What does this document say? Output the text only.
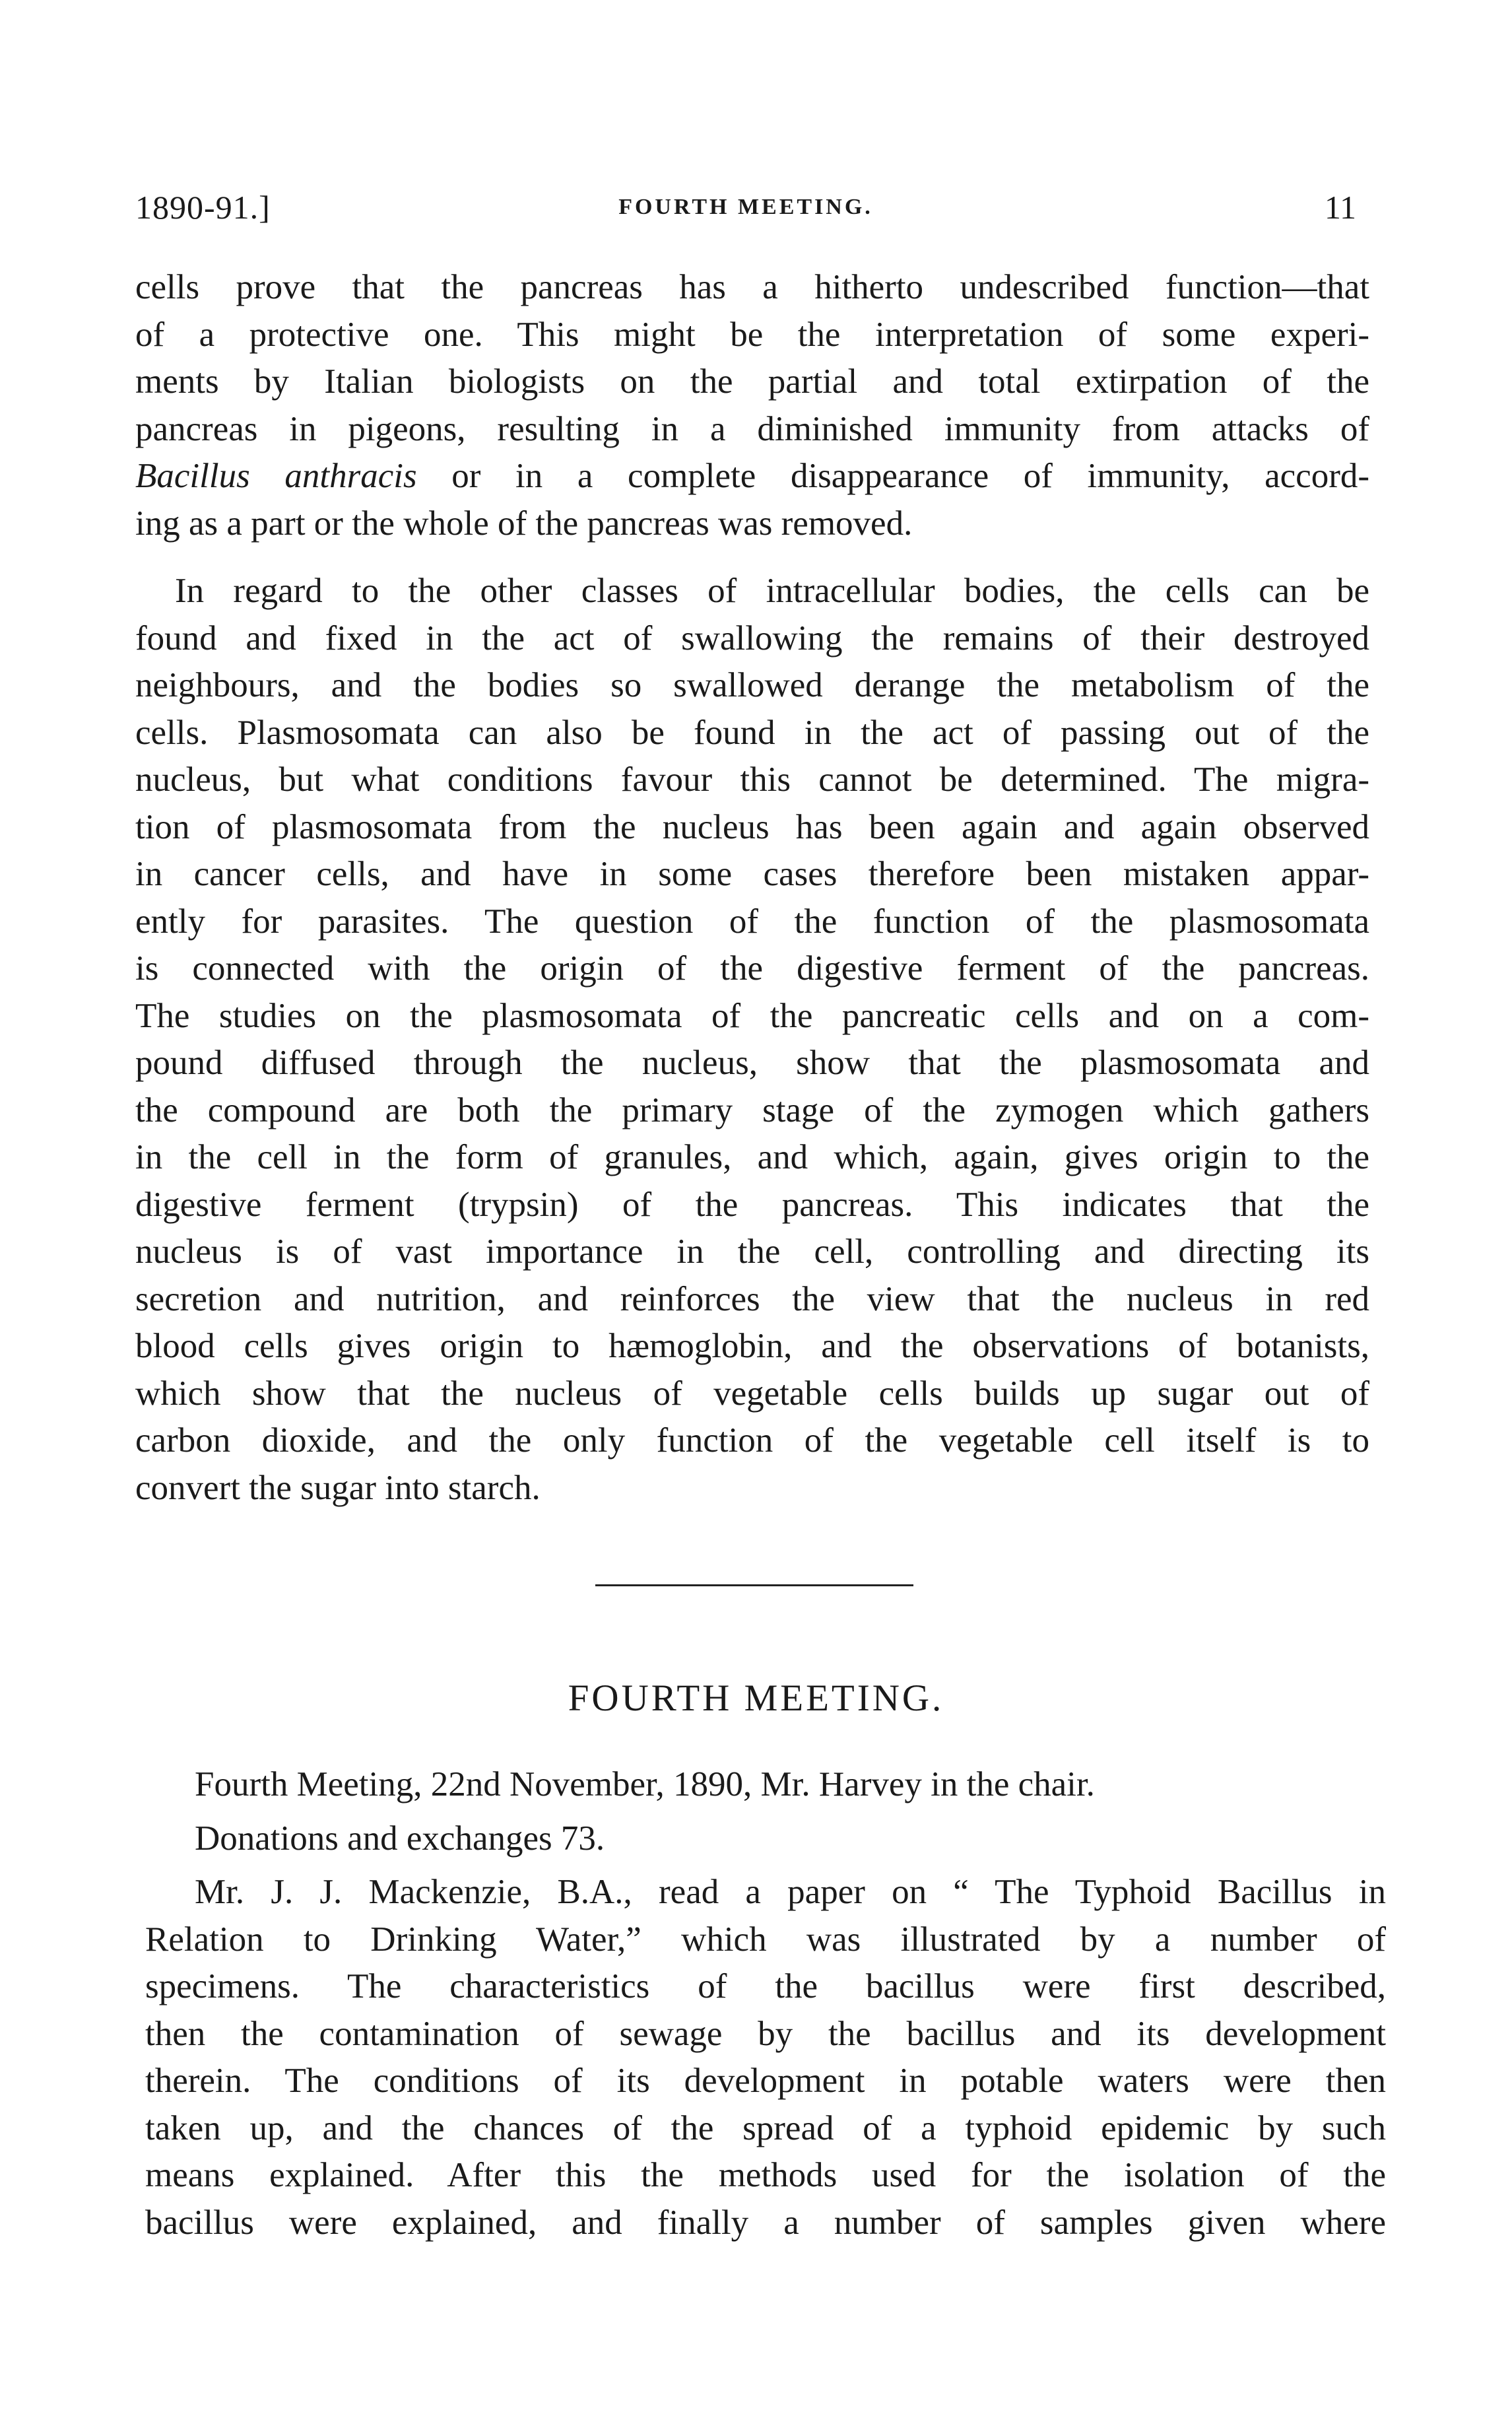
1890-91.]	FOURTH MEETING.	11
cells prove that the pancreas has a hitherto undescribed function—that
of a protective one. This might be the interpretation of some experi-
ments by Italian biologists on the partial and total extirpation of the
pancreas in pigeons, resulting in a diminished immunity from attacks of
Bacillus anthracis or in a complete disappearance of immunity, accord-
ing as a part or the whole of the pancreas was removed.
In regard to the other classes of intracellular bodies, the cells can be
found and fixed in the act of swallowing the remains of their destroyed
neighbours, and the bodies so swallowed derange the metabolism of the
cells. Plasmosomata can also be found in the act of passing out of the
nucleus, but what conditions favour this cannot be determined. The migra-
tion of plasmosomata from the nucleus has been again and again observed
in cancer cells, and have in some cases therefore been mistaken appar-
ently for parasites. The question of the function of the plasmosomata
is connected with the origin of the digestive ferment of the pancreas.
The studies on the plasmosomata of the pancreatic cells and on a com-
pound diffused through the nucleus, show that the plasmosomata and
the compound are both the primary stage of the zymogen which gathers
in the cell in the form of granules, and which, again, gives origin to the
digestive ferment (trypsin) of the pancreas. This indicates that the
nucleus is of vast importance in the cell, controlling and directing its
secretion and nutrition, and reinforces the view that the nucleus in red
blood cells gives origin to hæmoglobin, and the observations of botanists,
which show that the nucleus of vegetable cells builds up sugar out of
carbon dioxide, and the only function of the vegetable cell itself is to
convert the sugar into starch.
FOURTH MEETING.
Fourth Meeting, 22nd November, 1890, Mr. Harvey in the chair.
Donations and exchanges 73.
Mr. J. J. Mackenzie, B.A., read a paper on “ The Typhoid Bacillus in
Relation to Drinking Water,” which was illustrated by a number of
specimens. The characteristics of the bacillus were first described,
then the contamination of sewage by the bacillus and its development
therein. The conditions of its development in potable waters were then
taken up, and the chances of the spread of a typhoid epidemic by such
means explained. After this the methods used for the isolation of the
bacillus were explained, and finally a number of samples given where
